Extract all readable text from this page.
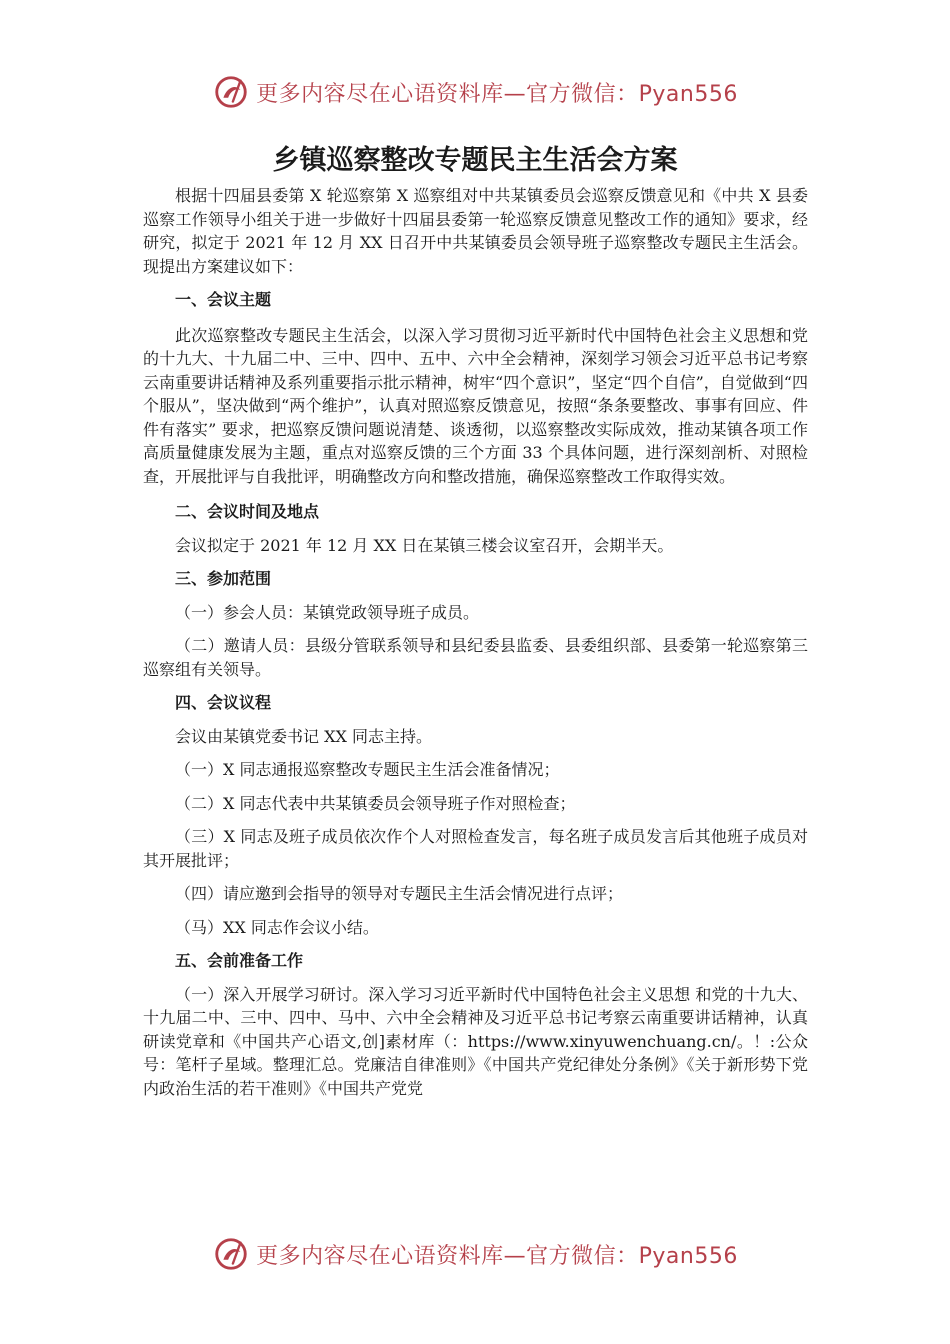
更多内容尽在心语资料库—官方微信：Pyan556
乡镇巡察整改专题民主生活会方案

根据十四届县委第 X 轮巡察第 X 巡察组对中共某镇委员会巡察反馈意见和《中共 X 县委巡察工作领导小组关于进一步做好十四届县委第一轮巡察反馈意见整改工作的通知》要求，经研究，拟定于 2021 年 12 月 XX 日召开中共某镇委员会领导班子巡察整改专题民主生活会。现提出方案建议如下：

一、会议主题

此次巡察整改专题民主生活会，以深入学习贯彻习近平新时代中国特色社会主义思想和党的十九大、十九届二中、三中、四中、五中、六中全会精神，深刻学习领会习近平总书记考察云南重要讲话精神及系列重要指示批示精神，树牢“四个意识”，坚定“四个自信”，自觉做到“四个服从”，坚决做到“两个维护”，认真对照巡察反馈意见，按照“条条要整改、事事有回应、件件有落实” 要求，把巡察反馈问题说清楚、谈透彻，以巡察整改实际成效，推动某镇各项工作高质量健康发展为主题，重点对巡察反馈的三个方面 33 个具体问题，进行深刻剖析、对照检查，开展批评与自我批评，明确整改方向和整改措施，确保巡察整改工作取得实效。

二、会议时间及地点

会议拟定于 2021 年 12 月 XX 日在某镇三楼会议室召开，会期半天。

三、参加范围

（一）参会人员：某镇党政领导班子成员。

（二）邀请人员：县级分管联系领导和县纪委县监委、县委组织部、县委第一轮巡察第三巡察组有关领导。

四、会议议程

会议由某镇党委书记 XX 同志主持。

（一）X 同志通报巡察整改专题民主生活会准备情况；

（二）X 同志代表中共某镇委员会领导班子作对照检查；

（三）X 同志及班子成员依次作个人对照检查发言，每名班子成员发言后其他班子成员对其开展批评；

（四）请应邀到会指导的领导对专题民主生活会情况进行点评；

（马）XX 同志作会议小结。

五、会前准备工作

（一）深入开展学习研讨。深入学习习近平新时代中国特色社会主义思想 和党的十九大、十九届二中、三中、四中、马中、六中全会精神及习近平总书记考察云南重要讲话精神，认真研读党章和《中国共产心语文,创]素材库（：https://www.xinyuwenchuang.cn/。！:公众号：笔杆子星域。整理汇总。党廉洁自律准则》《中国共产党纪律处分条例》《关于新形势下党内政治生活的若干准则》《中国共产党党

更多内容尽在心语资料库—官方微信：Pyan556
